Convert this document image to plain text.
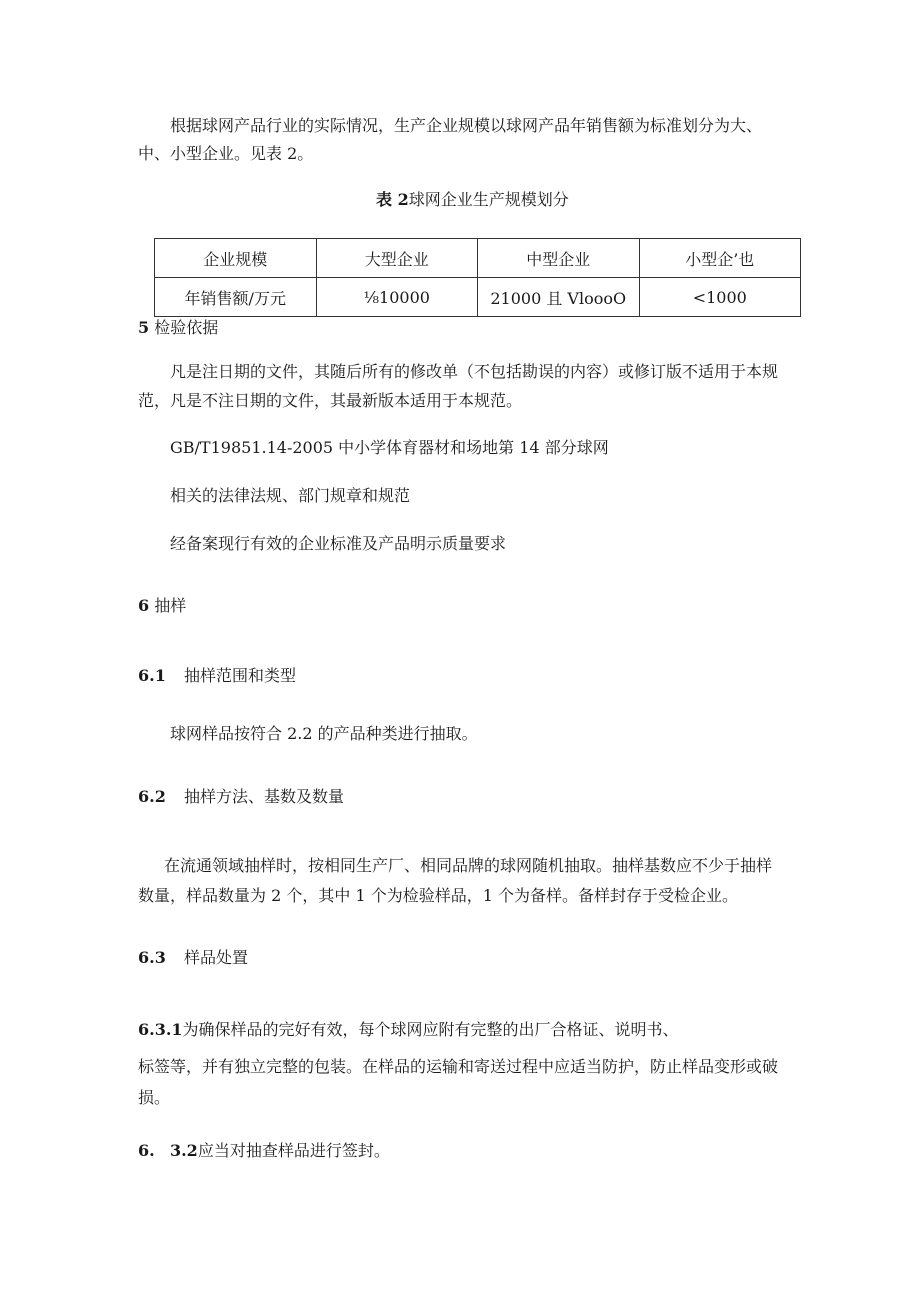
根据球网产品行业的实际情况，生产企业规模以球网产品年销售额为标准划分为大、
中、小型企业。见表 2。
表 2球网企业生产规模划分
企业规模	大型企业	中型企业	小型企’也
年销售额/万元	⅛10000	21000 且 VloooO	<1000
5 检验依据
凡是注日期的文件，其随后所有的修改单（不包括勘误的内容）或修订版不适用于本规
范，凡是不注日期的文件，其最新版本适用于本规范。
GB/T19851.14-2005 中小学体育器材和场地第 14 部分球网
相关的法律法规、部门规章和规范
经备案现行有效的企业标准及产品明示质量要求
6 抽样
6.1 抽样范围和类型
球网样品按符合 2.2 的产品种类进行抽取。
6.2 抽样方法、基数及数量
在流通领域抽样时，按相同生产厂、相同品牌的球网随机抽取。抽样基数应不少于抽样
数量，样品数量为 2 个，其中 1 个为检验样品，1 个为备样。备样封存于受检企业。
6.3 样品处置
6.3.1为确保样品的完好有效，每个球网应附有完整的出厂合格证、说明书、
标签等，并有独立完整的包装。在样品的运输和寄送过程中应适当防护，防止样品变形或破
损。
6. 3.2应当对抽查样品进行签封。
